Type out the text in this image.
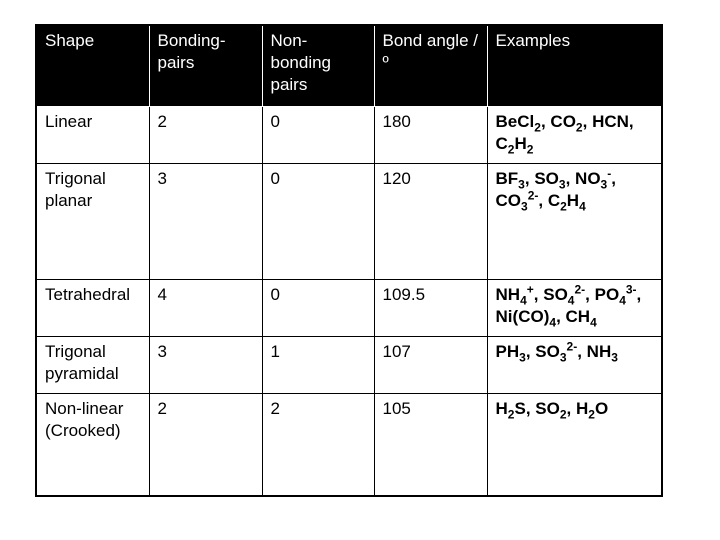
Shape	Bonding-pairs	Non-bonding pairs	Bond angle /º	Examples
Linear	2	0	180	BeCl$_2$, $CO_2$, HCN, $C_2H_2$
Trigonal planar	3	0	120	$BF_3$, $SO_3$, $NO_3^-$, $CO_3^{2-}$, $C_2H_4$
Tetrahedral	4	0	109.5	$NH_4^+$, $SO_4^{2-}$, $PO_4^{3-}$, $Ni(CO)_4$, $CH_4$
Trigonal pyramidal	3	1	107	$PH_3$, $SO_3^{2-}$, $NH_3$
Non-linear (Crooked)	2	2	105	$H_2S$, $SO_2$, $H_2O$
